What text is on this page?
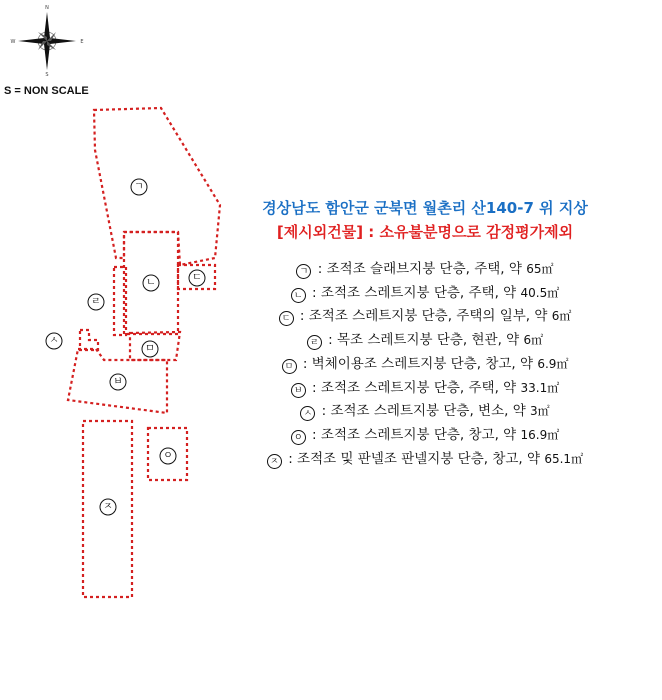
N
S
E
W
ㄱ
ㄴ	ㄷ
ㄹ
ㅁ
ㅂ
ㅅ
ㅇ
ㅈ
S = NON SCALE
경상남도 함안군 군북면 월촌리 산140-7 위 지상
[제시외건물] : 소유불분명으로 감정평가제외
ㄱ : 조적조 슬래브지붕 단층, 주택, 약 65㎡
ㄴ : 조적조 스레트지붕 단층, 주택, 약 40.5㎡
ㄷ : 조적조 스레트지붕 단층, 주택의 일부, 약 6㎡
ㄹ : 목조 스레트지붕 단층, 현관, 약 6㎡
ㅁ : 벽체이용조 스레트지붕 단층, 창고, 약 6.9㎡
ㅂ : 조적조 스레트지붕 단층, 주택, 약 33.1㎡
ㅅ : 조적조 스레트지붕 단층, 변소, 약 3㎡
ㅇ : 조적조 스레트지붕 단층, 창고, 약 16.9㎡
ㅈ : 조적조 및 판넬조 판넬지붕 단층, 창고, 약 65.1㎡
